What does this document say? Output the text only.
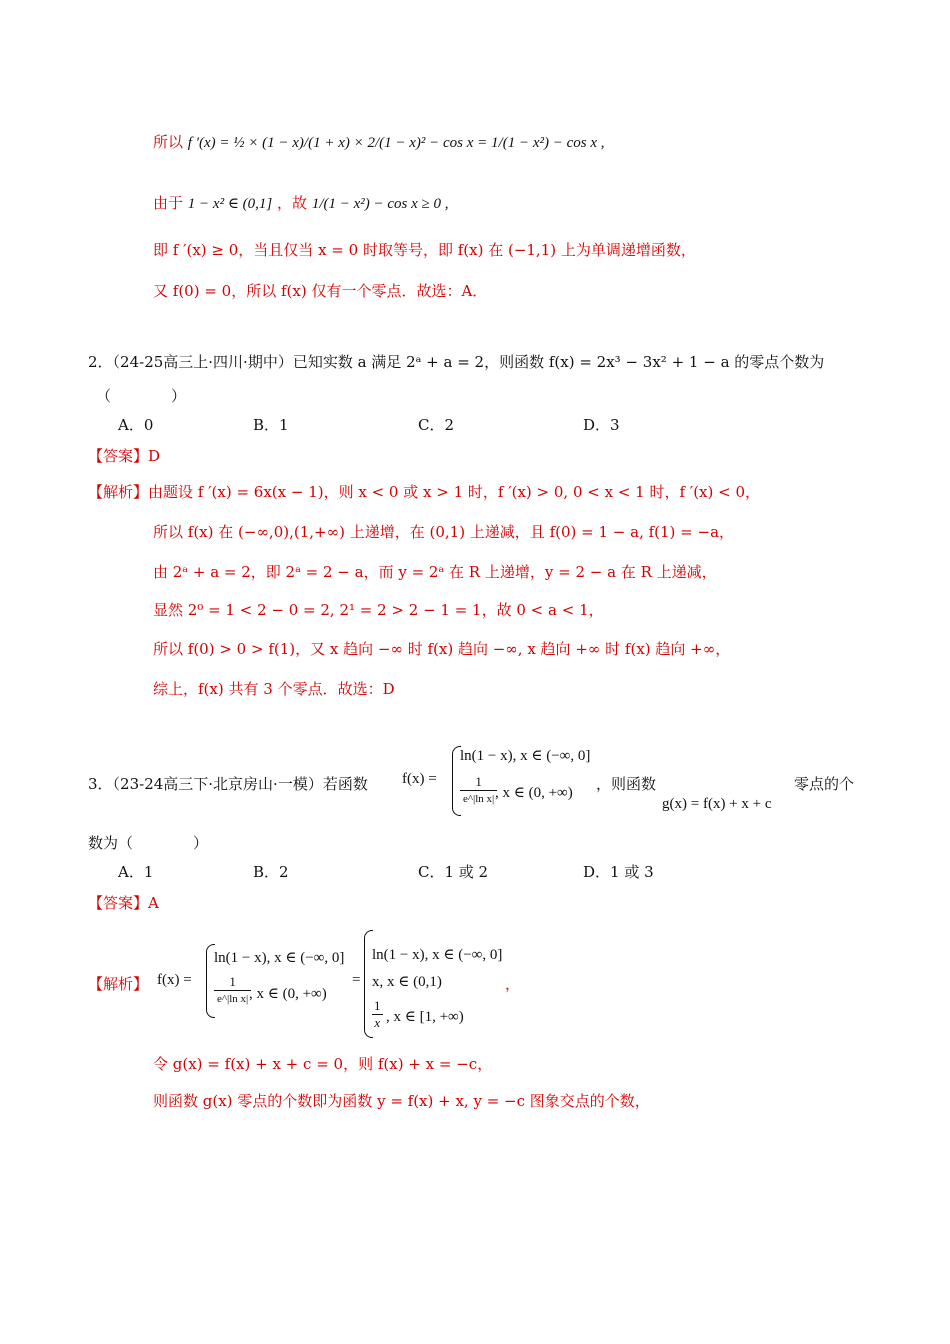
所以 f ′(x) = ½ × (1 − x)/(1 + x) × 2/(1 − x)² − cos x = 1/(1 − x²) − cos x ,
由于 1 − x² ∈ (0,1] ，故 1/(1 − x²) − cos x ≥ 0 ,
即 f ′(x) ≥ 0，当且仅当 x = 0 时取等号，即 f(x) 在 (−1,1) 上为单调递增函数，
又 f(0) = 0，所以 f(x) 仅有一个零点．故选：A．
2．（24-25高三上·四川·期中）已知实数 a 满足 2ᵃ + a = 2，则函数 f(x) = 2x³ − 3x² + 1 − a 的零点个数为
（　　　　）
A．0	B．1	C．2	D．3
【答案】D
【解析】由题设 f ′(x) = 6x(x − 1)，则 x < 0 或 x > 1 时，f ′(x) > 0, 0 < x < 1 时，f ′(x) < 0，
所以 f(x) 在 (−∞,0),(1,+∞) 上递增，在 (0,1) 上递减，且 f(0) = 1 − a, f(1) = −a，
由 2ᵃ + a = 2，即 2ᵃ = 2 − a，而 y = 2ᵃ 在 R 上递增，y = 2 − a 在 R 上递减，
显然 2⁰ = 1 < 2 − 0 = 2, 2¹ = 2 > 2 − 1 = 1，故 0 < a < 1，
所以 f(0) > 0 > f(1)，又 x 趋向 −∞ 时 f(x) 趋向 −∞, x 趋向 +∞ 时 f(x) 趋向 +∞，
综上，f(x) 共有 3 个零点．故选：D
3．（23-24高三下·北京房山·一模）若函数 f(x) =
ln(1 − x), x ∈ (−∞, 0]
1
e^|ln x| , x ∈ (0, +∞) ，则函数
g(x) = f(x) + x + c
零点的个
数为（　　　　）
A．1	B．2	C．1 或 2	D．1 或 3
【答案】A
【解析】 f(x) =
ln(1 − x), x ∈ (−∞, 0]
1
e^|ln x| , x ∈ (0, +∞)
=
ln(1 − x), x ∈ (−∞, 0]
x, x ∈ (0,1)
$\frac{1}{x}$ , x ∈ [1, +∞)
，
令 g(x) = f(x) + x + c = 0，则 f(x) + x = −c，
则函数 g(x) 零点的个数即为函数 y = f(x) + x, y = −c 图象交点的个数，
